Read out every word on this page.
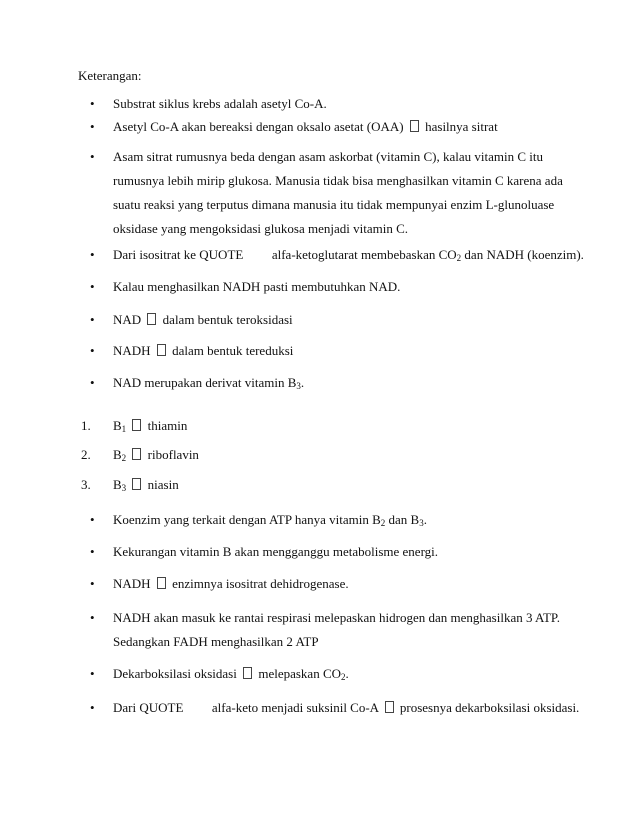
Keterangan:
• Substrat siklus krebs adalah asetyl Co-A.
• Asetyl Co-A akan bereaksi dengan oksalo asetat (OAA)  hasilnya sitrat
• Asam sitrat rumusnya beda dengan asam askorbat (vitamin C), kalau vitamin C itu
rumusnya lebih mirip glukosa. Manusia tidak bisa menghasilkan vitamin C karena ada
suatu reaksi yang terputus dimana manusia itu tidak mempunyai enzim L-glunoluase
oksidase yang mengoksidasi glukosa menjadi vitamin C.
• Dari isositrat ke QUOTE  alfa-ketoglutarat membebaskan $CO_2$ dan NADH (koenzim).
• Kalau menghasilkan NADH pasti membutuhkan NAD.
• NAD  dalam bentuk teroksidasi
• NADH  dalam bentuk tereduksi
• NAD merupakan derivat vitamin $B_3$.
1. $B_1$  thiamin
2. $B_2$  riboflavin
3. $B_3$  niasin
• Koenzim yang terkait dengan ATP hanya vitamin $B_2$ dan $B_3$.
• Kekurangan vitamin B akan mengganggu metabolisme energi.
• NADH  enzimnya isositrat dehidrogenase.
• NADH akan masuk ke rantai respirasi melepaskan hidrogen dan menghasilkan 3 ATP.
Sedangkan FADH menghasilkan 2 ATP
• Dekarboksilasi oksidasi  melepaskan $CO_2$.
• Dari QUOTE  alfa-keto menjadi suksinil Co-A  prosesnya dekarboksilasi oksidasi.
